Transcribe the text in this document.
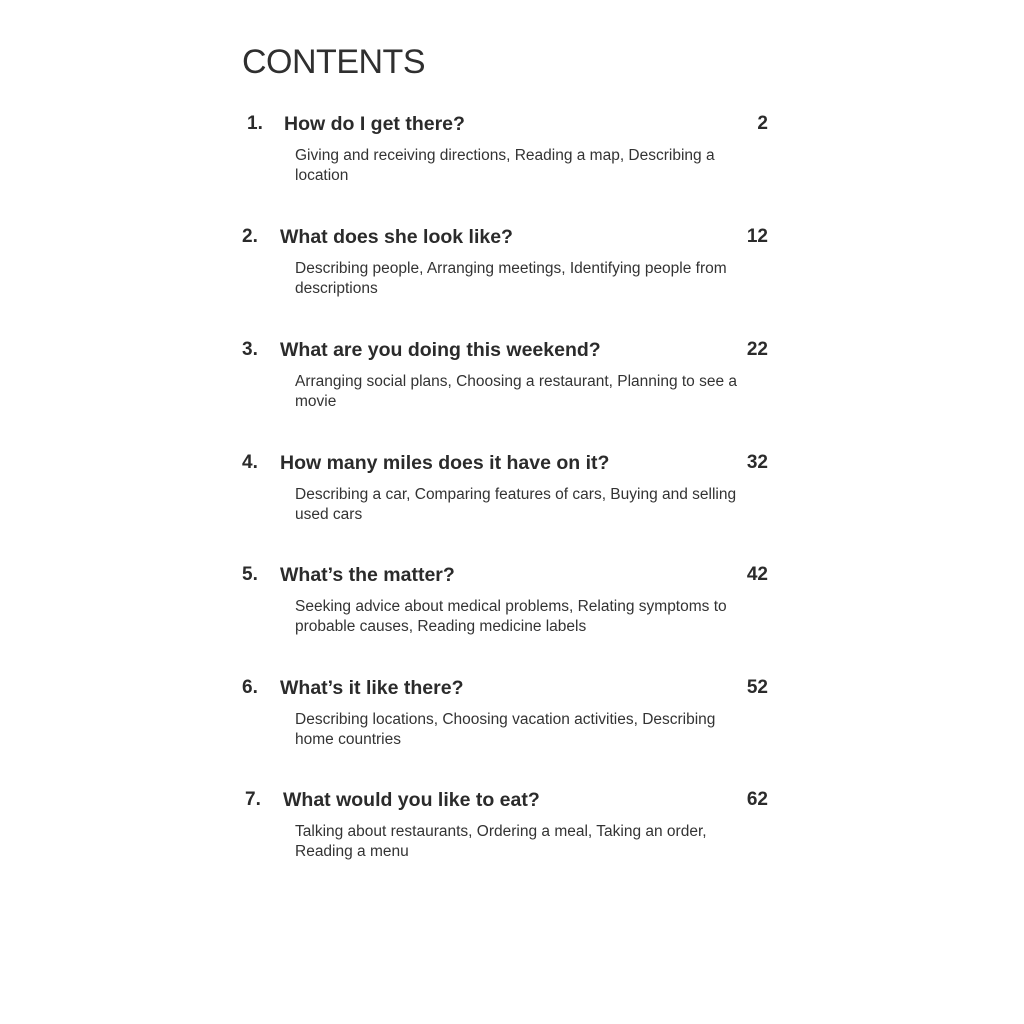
CONTENTS
1. How do I get there?	2
Giving and receiving directions, Reading a map, Describing a location
2. What does she look like?	12
Describing people, Arranging meetings, Identifying people from descriptions
3. What are you doing this weekend?	22
Arranging social plans, Choosing a restaurant, Planning to see a movie
4. How many miles does it have on it?	32
Describing a car, Comparing features of cars, Buying and selling used cars
5. What’s the matter?	42
Seeking advice about medical problems, Relating symptoms to probable causes, Reading medicine labels
6. What’s it like there?	52
Describing locations, Choosing vacation activities, Describing home countries
7. What would you like to eat?	62
Talking about restaurants, Ordering a meal, Taking an order, Reading a menu
